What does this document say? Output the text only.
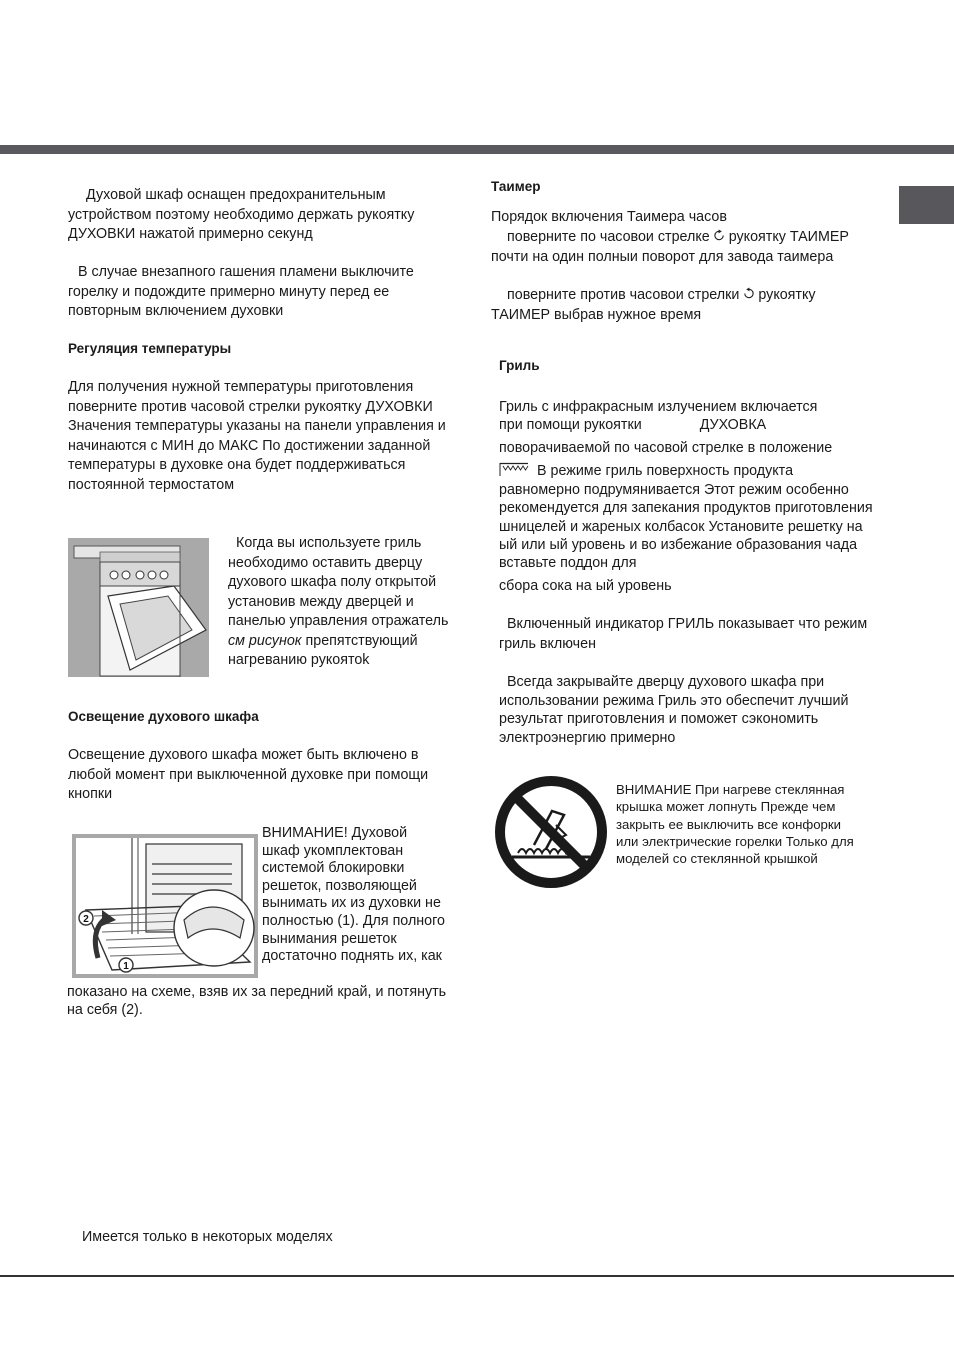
Духовой шкаф оснащен предохранительным устройством поэтому необходимо держать рукоятку ДУХОВКИ нажатой примерно секунд

В случае внезапного гашения пламени выключите горелку и подождите примерно минуту перед ее повторным включением духовки

Регуляция температуры

Для получения нужной температуры приготовления поверните против часовой стрелки рукоятку ДУХОВКИ Значения температуры указаны на панели управления и начинаются с МИН до МАКС По достижении заданной температуры в духовке она будет поддерживаться постоянной термостатом

Когда вы используете гриль необходимо оставить дверцу духового шкафа полу открытой установив между дверцей и панелью управления отражатель см рисунок препятствующий нагреванию рукоятоk

Освещение духового шкафа

Освещение духового шкафа может быть включено в любой момент при выключенной духовке при помощи кнопки

2
1

ВНИМАНИЕ! Духовой шкаф укомплектован системой блокировки решеток, позволяющей вынимать их из духовки не полностью (1). Для полного вынимания решеток достаточно поднять их, как

показано на схеме, взяв их за передний край, и потянуть на себя (2).

Имеется только в некоторых моделях

Таимер

Порядок включения Таимера часов

поверните по часовои стрелке рукоятку ТАИМЕР почти на один полныи поворот для завода таимера

поверните против часовои стрелки рукоятку ТАИМЕР выбрав нужное время

Гриль

Гриль с инфракрасным излучением включается

при помощи рукоятки	ДУХОВКА

поворачиваемой по часовой стрелке в положение

В режиме гриль поверхность продукта

равномерно подрумянивается Этот режим особенно рекомендуется для запекания продуктов приготовления шницелей и жареных колбасок Установите решетку на ый или ый уровень и во избежание образования чада вставьте поддон для

сбора сока на ый уровень

Включенный индикатор ГРИЛЬ показывает что режим гриль включен

Всегда закрывайте дверцу духового шкафа при использовании режима Гриль это обеспечит лучший результат приготовления и поможет сэкономить электроэнергию примерно

ВНИМАНИЕ При нагреве стеклянная крышка может лопнуть Прежде чем закрыть ее выключить все конфорки или электрические горелки Только для моделей со стеклянной крышкой
